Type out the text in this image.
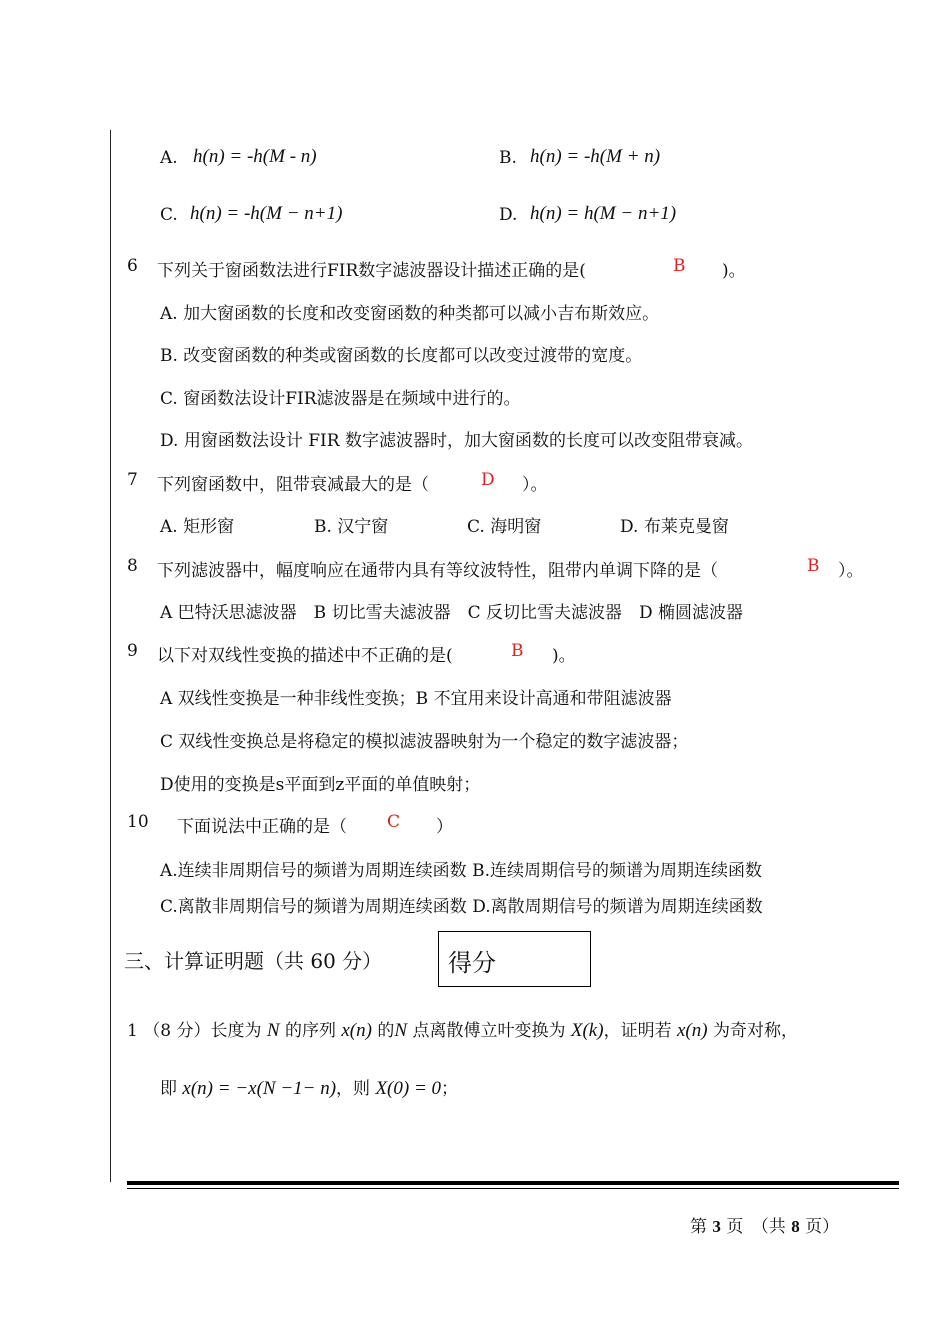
A. h(n) = -h(M - n)	B. h(n) = -h(M + n)
C. h(n) = -h(M − n+1)	D. h(n) = h(M − n+1)
6 下列关于窗函数法进行FIR数字滤波器设计描述正确的是(	B )。
A. 加大窗函数的长度和改变窗函数的种类都可以减小吉布斯效应。
B. 改变窗函数的种类或窗函数的长度都可以改变过渡带的宽度。
C. 窗函数法设计FIR滤波器是在频域中进行的。
D. 用窗函数法设计 FIR 数字滤波器时，加大窗函数的长度可以改变阻带衰减。
7 下列窗函数中，阻带衰减最大的是（	D ）。
A. 矩形窗	B. 汉宁窗	C. 海明窗	D. 布莱克曼窗
8 下列滤波器中，幅度响应在通带内具有等纹波特性，阻带内单调下降的是（	B ）。
A 巴特沃思滤波器　B 切比雪夫滤波器　C 反切比雪夫滤波器　D 椭圆滤波器
9 以下对双线性变换的描述中不正确的是(	B )。
A 双线性变换是一种非线性变换；B 不宜用来设计高通和带阻滤波器
C 双线性变换总是将稳定的模拟滤波器映射为一个稳定的数字滤波器；
D使用的变换是s平面到z平面的单值映射；
10 下面说法中正确的是（ C ）
A.连续非周期信号的频谱为周期连续函数 B.连续周期信号的频谱为周期连续函数
C.离散非周期信号的频谱为周期连续函数 D.离散周期信号的频谱为周期连续函数
三、计算证明题（共 60 分）	得分
1 （8 分）长度为 N 的序列 x(n) 的N 点离散傅立叶变换为 X(k)，证明若 x(n) 为奇对称，
即 x(n) = −x(N −1− n)，则 X(0) = 0；
第 3 页　（共 8 页）
